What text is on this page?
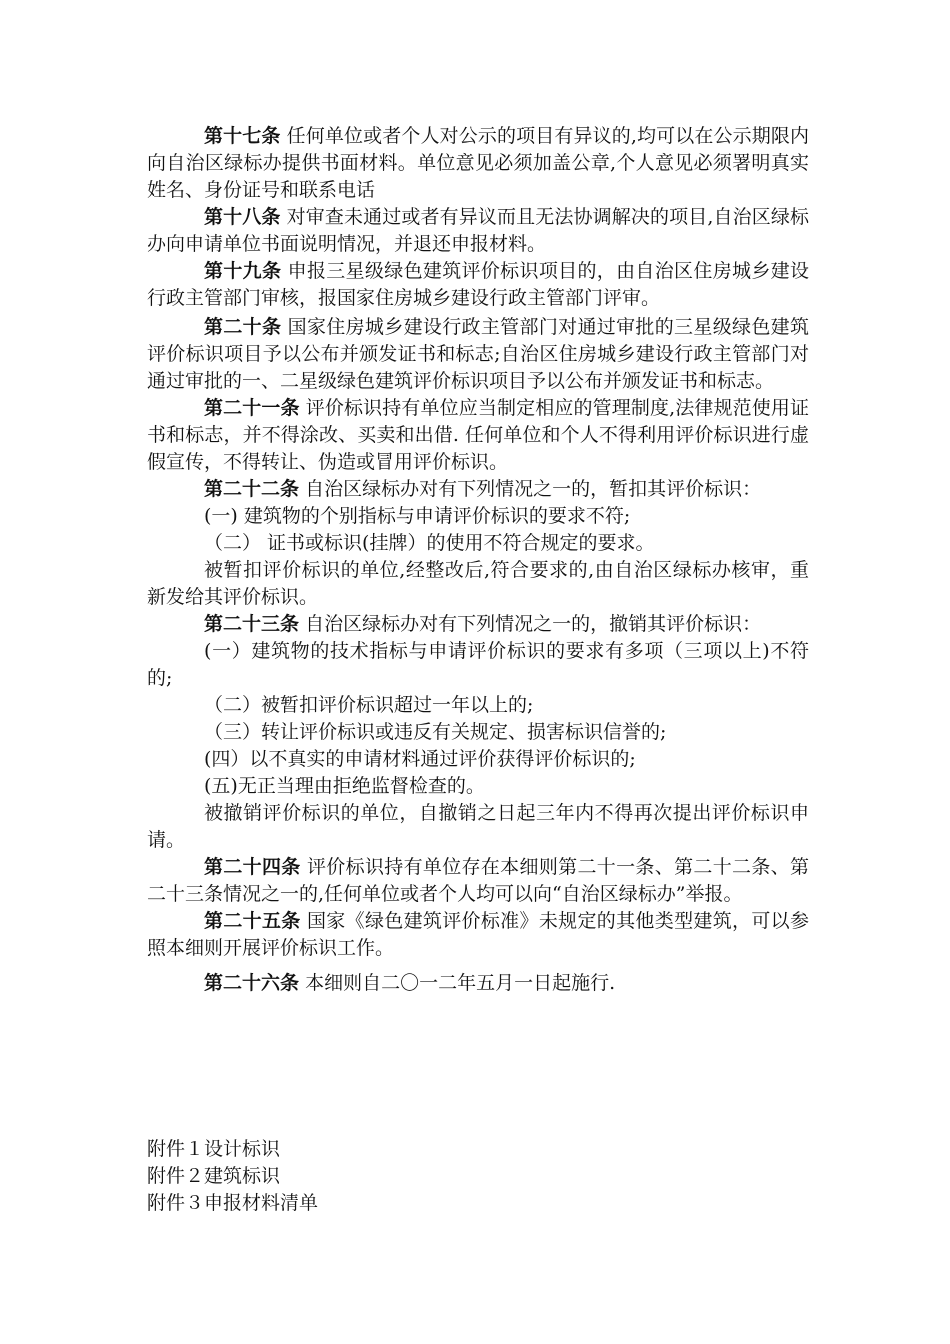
第十七条 任何单位或者个人对公示的项目有异议的,均可以在公示期限内向自治区绿标办提供书面材料。单位意见必须加盖公章,个人意见必须署明真实姓名、身份证号和联系电话

第十八条 对审查未通过或者有异议而且无法协调解决的项目,自治区绿标办向申请单位书面说明情况，并退还申报材料。

第十九条 申报三星级绿色建筑评价标识项目的，由自治区住房城乡建设行政主管部门审核，报国家住房城乡建设行政主管部门评审。

第二十条 国家住房城乡建设行政主管部门对通过审批的三星级绿色建筑评价标识项目予以公布并颁发证书和标志;自治区住房城乡建设行政主管部门对通过审批的一、二星级绿色建筑评价标识项目予以公布并颁发证书和标志。

第二十一条 评价标识持有单位应当制定相应的管理制度,法律规范使用证书和标志，并不得涂改、买卖和出借. 任何单位和个人不得利用评价标识进行虚假宣传，不得转让、伪造或冒用评价标识。

第二十二条 自治区绿标办对有下列情况之一的，暂扣其评价标识：

(一) 建筑物的个别指标与申请评价标识的要求不符;

（二） 证书或标识(挂牌）的使用不符合规定的要求。

被暂扣评价标识的单位,经整改后,符合要求的,由自治区绿标办核审，重新发给其评价标识。

第二十三条 自治区绿标办对有下列情况之一的，撤销其评价标识：

(一）建筑物的技术指标与申请评价标识的要求有多项（三项以上)不符的;

（二）被暂扣评价标识超过一年以上的;

（三）转让评价标识或违反有关规定、损害标识信誉的;

(四）以不真实的申请材料通过评价获得评价标识的;

(五)无正当理由拒绝监督检查的。

被撤销评价标识的单位，自撤销之日起三年内不得再次提出评价标识申请。

第二十四条 评价标识持有单位存在本细则第二十一条、第二十二条、第二十三条情况之一的,任何单位或者个人均可以向“自治区绿标办”举报。

第二十五条 国家《绿色建筑评价标准》未规定的其他类型建筑，可以参照本细则开展评价标识工作。

第二十六条 本细则自二〇一二年五月一日起施行.

附件１设计标识
附件２建筑标识
附件３申报材料清单
